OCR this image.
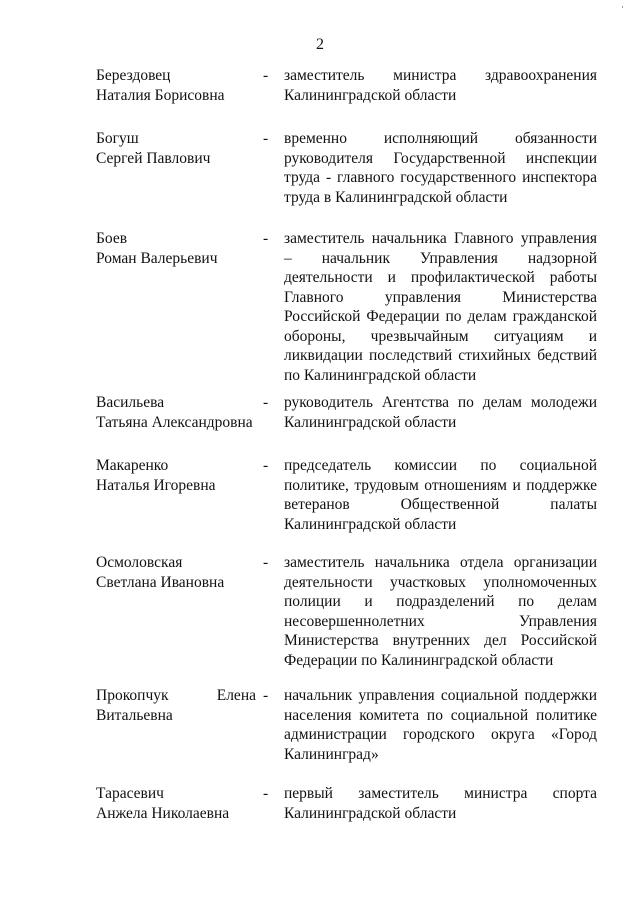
2
Берездовец
Наталия Борисовна
- заместитель министра здравоохранения Калининградской области
Богуш
Сергей Павлович
- временно исполняющий обязанности руководителя Государственной инспекции труда - главного государственного инспектора труда в Калининградской области
Боев
Роман Валерьевич
- заместитель начальника Главного управления – начальник Управления надзорной деятельности и профилактической работы Главного управления Министерства Российской Федерации по делам гражданской обороны, чрезвычайным ситуациям и ликвидации последствий стихийных бедствий по Калининградской области
Васильева
Татьяна Александровна
- руководитель Агентства по делам молодежи Калининградской области
Макаренко
Наталья Игоревна
- председатель комиссии по социальной политике, трудовым отношениям и поддержке ветеранов Общественной палаты Калининградской области
Осмоловская
Светлана Ивановна
- заместитель начальника отдела организации деятельности участковых уполномоченных полиции и подразделений по делам несовершеннолетних Управления Министерства внутренних дел Российской Федерации по Калининградской области
Прокопчук	Елена
Витальевна
- начальник управления социальной поддержки населения комитета по социальной политике администрации городского округа «Город Калининград»
Тарасевич
Анжела Николаевна
- первый заместитель министра спорта Калининградской области
